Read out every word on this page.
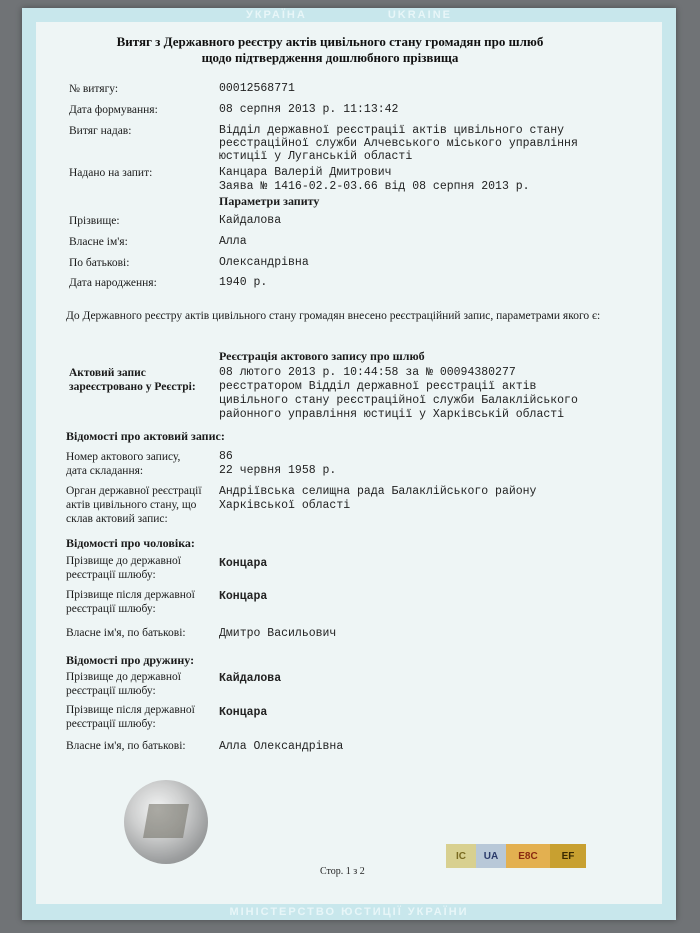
УКРАЇНА	UKRAINE
МІНІСТЕРСТВО ЮСТИЦІЇ УКРАЇНИ
Витяг з Державного реєстру актів цивільного стану громадян про шлюб
щодо підтвердження дошлюбного прізвища
№ витягу:	00012568771
Дата формування:	08 серпня 2013 р. 11:13:42
Витяг надав:	Відділ державної реєстрації актів цивільного стану
реєстраційної служби Алчевського міського управління
юстиції у Луганській області
Надано на запит:	Канцара Валерій Дмитрович
Заява № 1416-02.2-03.66 від 08 серпня 2013 р.
Параметри запиту
Прізвище:	Кайдалова
Власне ім'я:	Алла
По батькові:	Олександрівна
Дата народження:	1940 р.
До Державного реєстру актів цивільного стану громадян внесено реєстраційний запис, параметрами якого є:
Реєстрація актового запису про шлюб
Актовий запис
зареєстровано у Реєстрі:
08 лютого 2013 р. 10:44:58 за № 00094380277
реєстратором Відділ державної реєстрації актів
цивільного стану реєстраційної служби Балаклійського
районного управління юстиції у Харківській області
Відомості про актовий запис:
Номер актового запису,
дата складання:
86
22 червня 1958 р.
Орган державної реєстрації
актів цивільного стану, що
склав актовий запис:
Андріївська селищна рада Балаклійського району
Харківської області
Відомості про чоловіка:
Прізвище до державної
реєстрації шлюбу:
Концара
Прізвище після державної
реєстрації шлюбу:
Концара
Власне ім'я, по батькові:	Дмитро Васильович
Відомості про дружину:
Прізвище до державної
реєстрації шлюбу:
Кайдалова
Прізвище після державної
реєстрації шлюбу:
Концара
Власне ім'я, по батькові:	Алла Олександрівна
Стор. 1 з 2
IC	UA	E8C	EF
